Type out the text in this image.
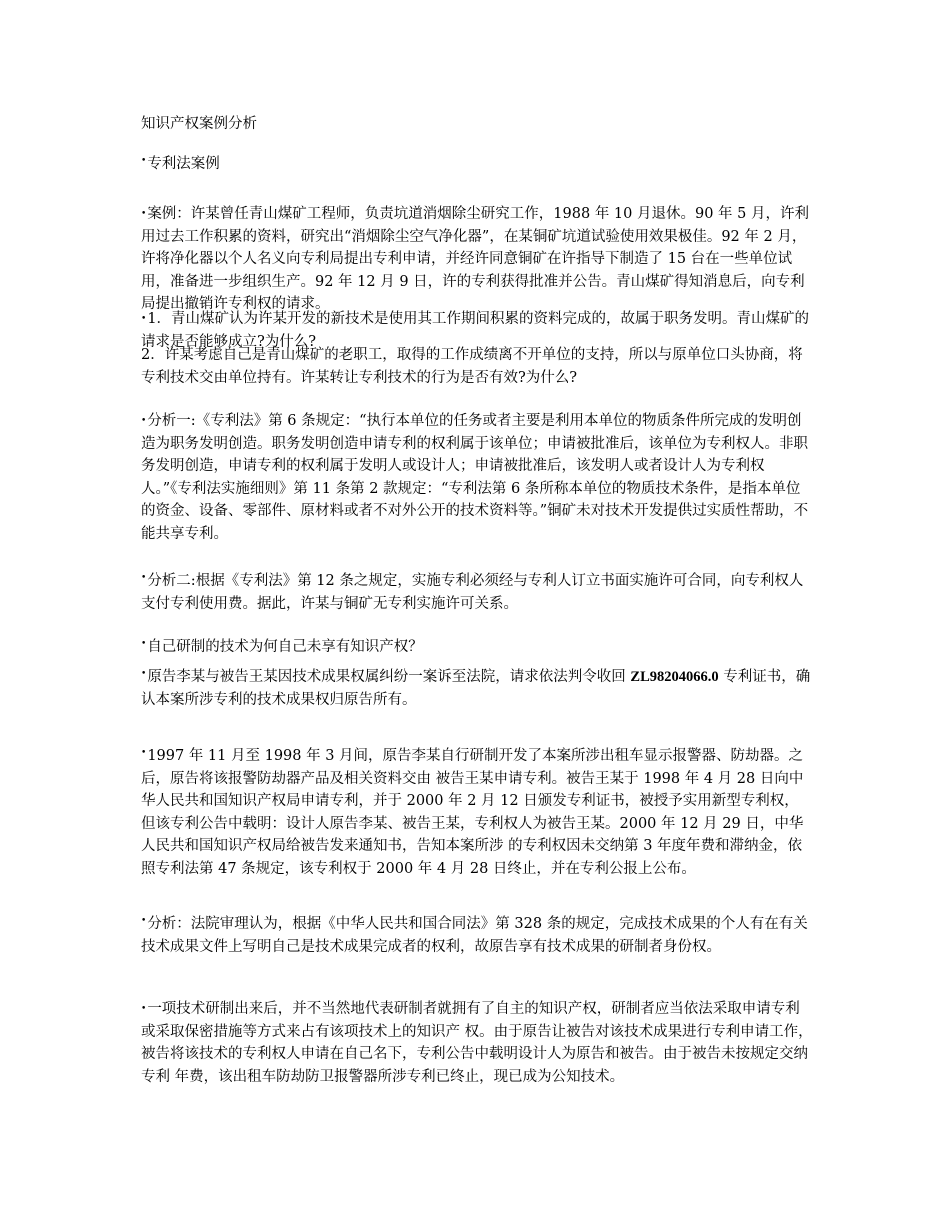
知识产权案例分析

•专利法案例

•案例：许某曾任青山煤矿工程师，负责坑道消烟除尘研究工作，1988 年 10 月退休。90 年 5 月，许利用过去工作积累的资料，研究出“消烟除尘空气净化器”，在某铜矿坑道试验使用效果极佳。92 年 2 月，许将净化器以个人名义向专利局提出专利申请，并经许同意铜矿在许指导下制造了 15 台在一些单位试用，准备进一步组织生产。92 年 12 月 9 日，许的专利获得批准并公告。青山煤矿得知消息后，向专利局提出撤销许专利权的请求。

•1．青山煤矿认为许某开发的新技术是使用其工作期间积累的资料完成的，故属于职务发明。青山煤矿的请求是否能够成立?为什么?

2．许某考虑自己是青山煤矿的老职工，取得的工作成绩离不开单位的支持，所以与原单位口头协商，将专利技术交由单位持有。许某转让专利技术的行为是否有效?为什么?

•分析一:《专利法》第 6 条规定：“执行本单位的任务或者主要是利用本单位的物质条件所完成的发明创造为职务发明创造。职务发明创造申请专利的权利属于该单位；申请被批准后，该单位为专利权人。非职务发明创造，申请专利的权利属于发明人或设计人；申请被批准后，该发明人或者设计人为专利权人。”《专利法实施细则》第 11 条第 2 款规定：“专利法第 6 条所称本单位的物质技术条件，是指本单位的资金、设备、零部件、原材料或者不对外公开的技术资料等。”铜矿未对技术开发提供过实质性帮助，不能共享专利。

•分析二:根据《专利法》第 12 条之规定，实施专利必须经与专利人订立书面实施许可合同，向专利权人支付专利使用费。据此，许某与铜矿无专利实施许可关系。

•自己研制的技术为何自己未享有知识产权？

•原告李某与被告王某因技术成果权属纠纷一案诉至法院，请求依法判令收回 ZL98204066.0 专利证书，确认本案所涉专利的技术成果权归原告所有。

•1997 年 11 月至 1998 年 3 月间，原告李某自行研制开发了本案所涉出租车显示报警器、防劫器。之后，原告将该报警防劫器产品及相关资料交由 被告王某申请专利。被告王某于 1998 年 4 月 28 日向中华人民共和国知识产权局申请专利，并于 2000 年 2 月 12 日颁发专利证书，被授予实用新型专利权， 但该专利公告中载明：设计人原告李某、被告王某，专利权人为被告王某。2000 年 12 月 29 日，中华人民共和国知识产权局给被告发来通知书，告知本案所涉 的专利权因未交纳第 3 年度年费和滞纳金，依照专利法第 47 条规定，该专利权于 2000 年 4 月 28 日终止，并在专利公报上公布。

•分析：法院审理认为，根据《中华人民共和国合同法》第 328 条的规定，完成技术成果的个人有在有关技术成果文件上写明自己是技术成果完成者的权利，故原告享有技术成果的研制者身份权。

•一项技术研制出来后，并不当然地代表研制者就拥有了自主的知识产权，研制者应当依法采取申请专利或采取保密措施等方式来占有该项技术上的知识产 权。由于原告让被告对该技术成果进行专利申请工作，被告将该技术的专利权人申请在自己名下，专利公告中载明设计人为原告和被告。由于被告未按规定交纳专利 年费，该出租车防劫防卫报警器所涉专利已终止，现已成为公知技术。
